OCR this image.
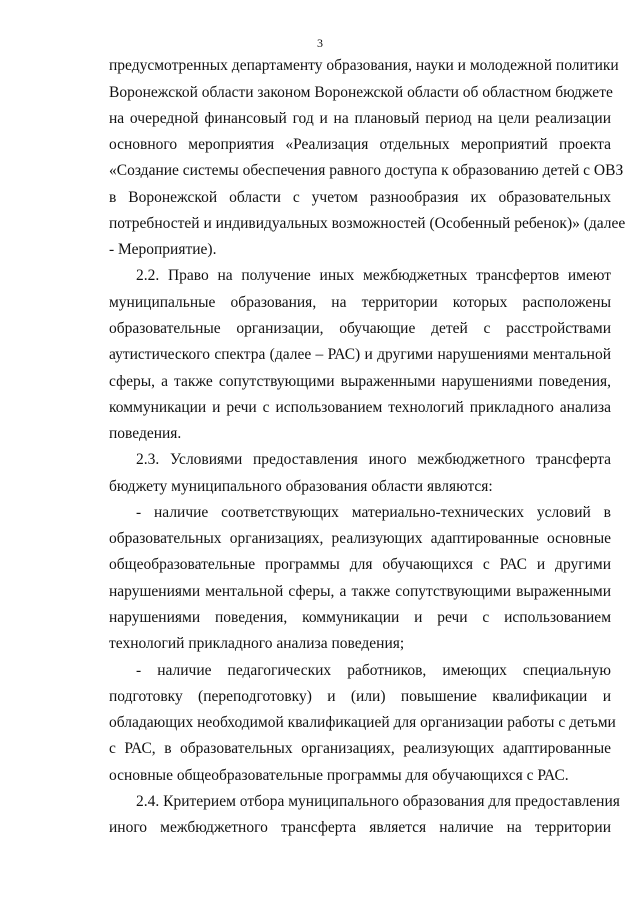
3
предусмотренных департаменту образования, науки и молодежной политики
Воронежской области законом Воронежской области об областном бюджете
на очередной финансовый год и на плановый период на цели реализации
основного мероприятия «Реализация отдельных мероприятий проекта
«Создание системы обеспечения равного доступа к образованию детей с ОВЗ
в Воронежской области с учетом разнообразия их образовательных
потребностей и индивидуальных возможностей (Особенный ребенок)» (далее
- Мероприятие).
2.2. Право на получение иных межбюджетных трансфертов имеют
муниципальные образования, на территории которых расположены
образовательные организации, обучающие детей с расстройствами
аутистического спектра (далее – РАС) и другими нарушениями ментальной
сферы, а также сопутствующими выраженными нарушениями поведения,
коммуникации и речи с использованием технологий прикладного анализа
поведения.
2.3. Условиями предоставления иного межбюджетного трансферта
бюджету муниципального образования области являются:
- наличие соответствующих материально-технических условий в
образовательных организациях, реализующих адаптированные основные
общеобразовательные программы для обучающихся с РАС и другими
нарушениями ментальной сферы, а также сопутствующими выраженными
нарушениями поведения, коммуникации и речи с использованием
технологий прикладного анализа поведения;
- наличие педагогических работников, имеющих специальную
подготовку (переподготовку) и (или) повышение квалификации и
обладающих необходимой квалификацией для организации работы с детьми
с РАС, в образовательных организациях, реализующих адаптированные
основные общеобразовательные программы для обучающихся с РАС.
2.4. Критерием отбора муниципального образования для предоставления
иного межбюджетного трансферта является наличие на территории
